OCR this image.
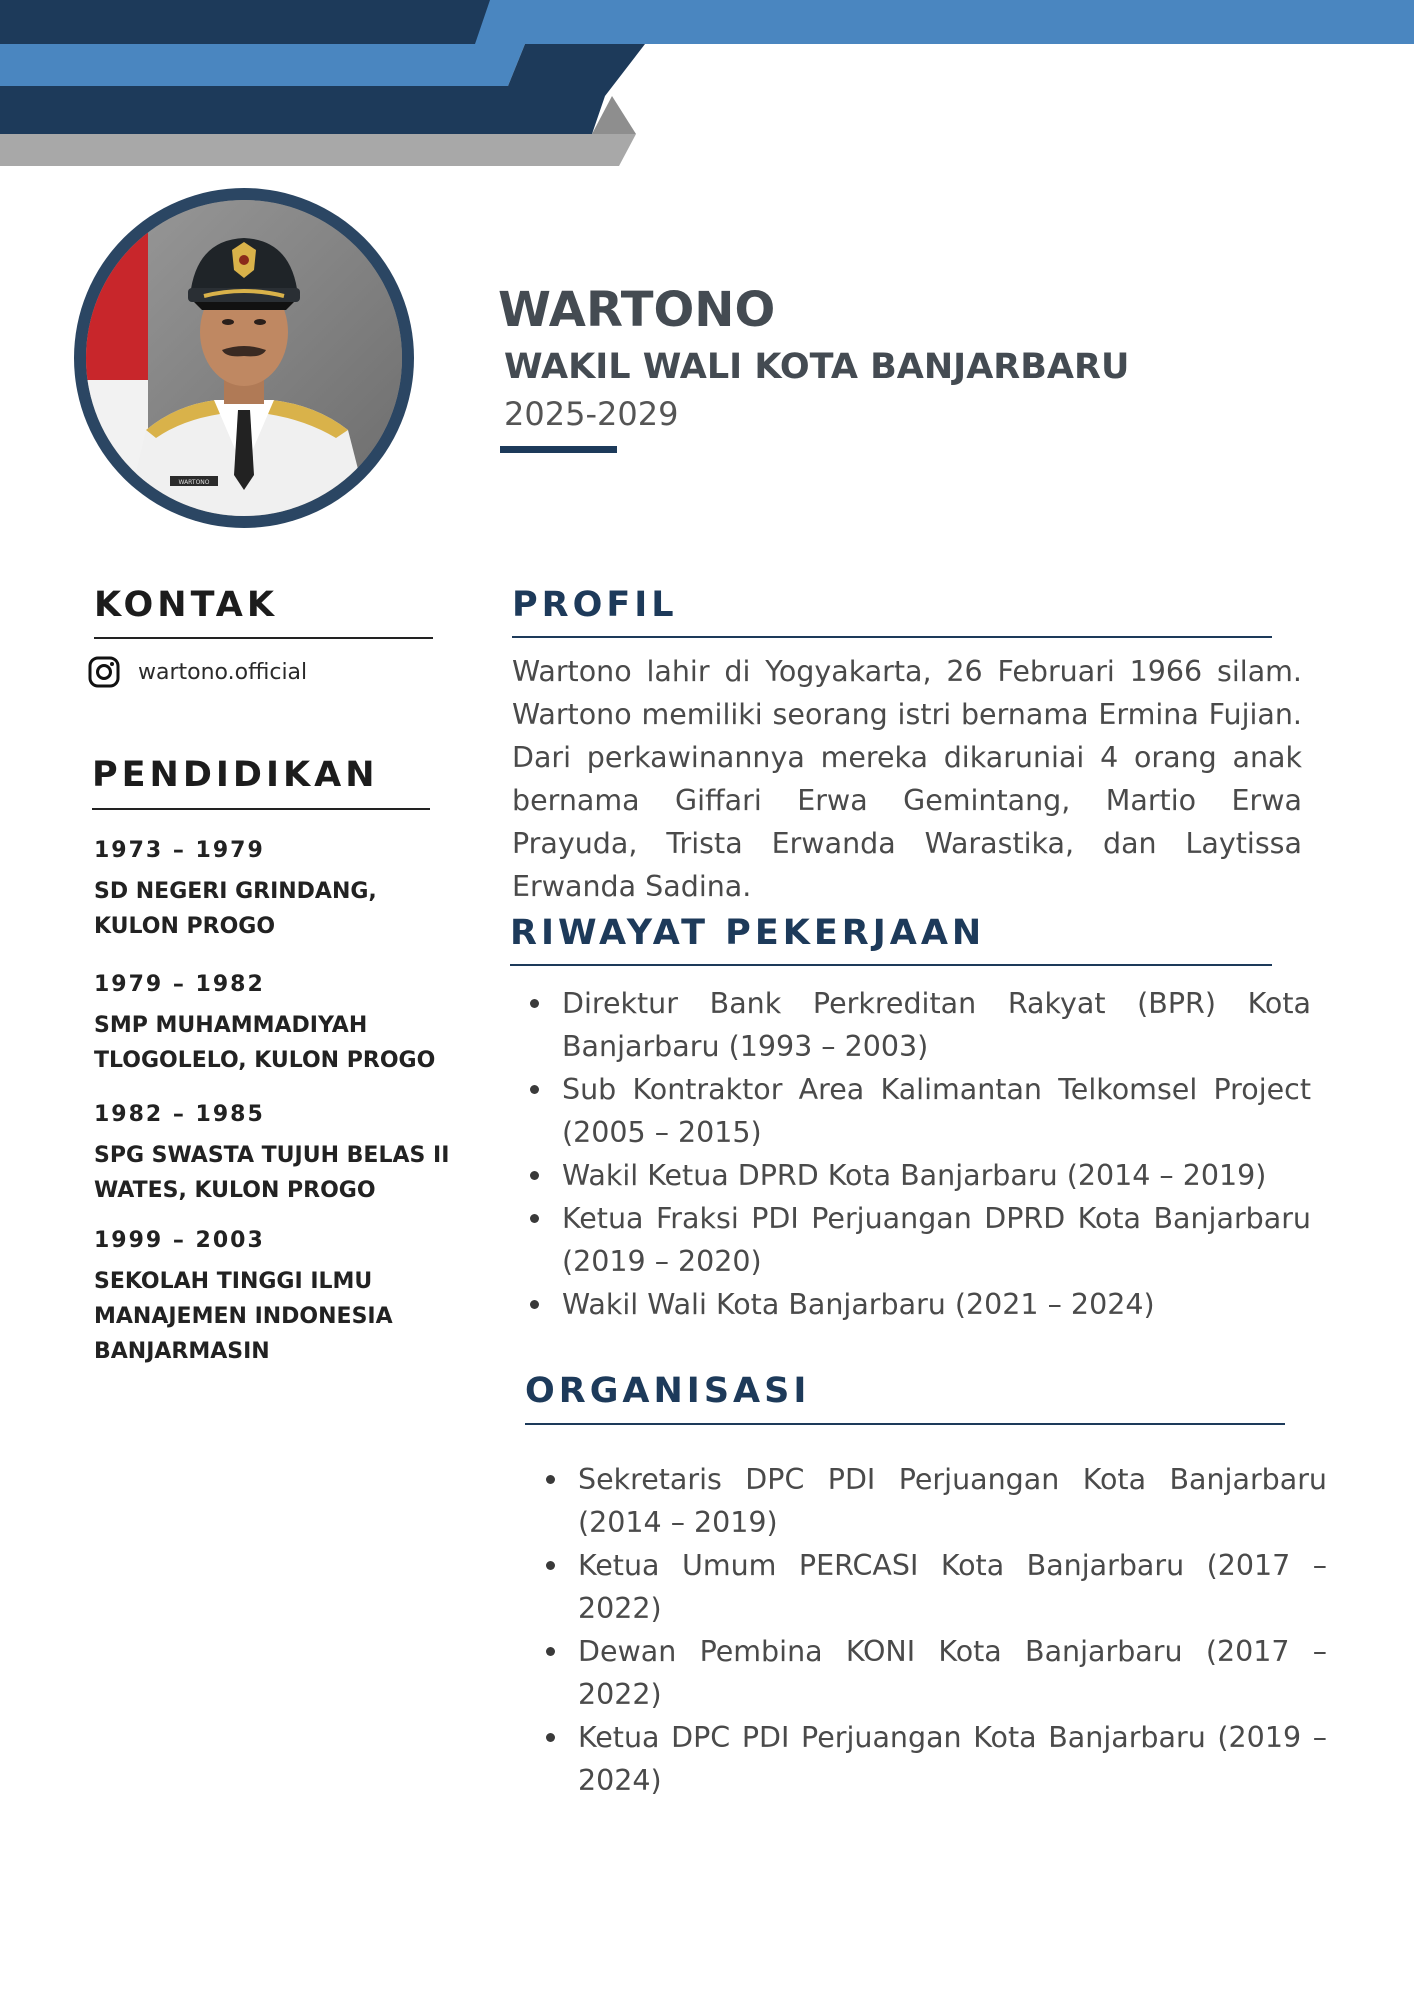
WARTONO
WARTONO
WAKIL WALI KOTA BANJARBARU
2025-2029
KONTAK
wartono.official
PENDIDIKAN
1973 – 1979
SD NEGERI GRINDANG,
KULON PROGO
1979 – 1982
SMP MUHAMMADIYAH
TLOGOLELO, KULON PROGO
1982 – 1985
SPG SWASTA TUJUH BELAS II
WATES, KULON PROGO
1999 – 2003
SEKOLAH TINGGI ILMU
MANAJEMEN INDONESIA
BANJARMASIN
PROFIL

Wartono lahir di Yogyakarta, 26 Februari 1966 silam. Wartono memiliki seorang istri bernama Ermina Fujian. Dari perkawinannya mereka dikaruniai 4 orang anak bernama Giffari Erwa Gemintang, Martio Erwa Prayuda, Trista Erwanda Warastika, dan Laytissa Erwanda Sadina.

RIWAYAT PEKERJAAN
Direktur Bank Perkreditan Rakyat (BPR) Kota Banjarbaru (1993 – 2003)
Sub Kontraktor Area Kalimantan Telkomsel Project (2005 – 2015)
Wakil Ketua DPRD Kota Banjarbaru (2014 – 2019)
Ketua Fraksi PDI Perjuangan DPRD Kota Banjarbaru (2019 – 2020)
Wakil Wali Kota Banjarbaru (2021 – 2024)
ORGANISASI
Sekretaris DPC PDI Perjuangan Kota Banjarbaru (2014 – 2019)
Ketua Umum PERCASI Kota Banjarbaru (2017 – 2022)
Dewan Pembina KONI Kota Banjarbaru (2017 – 2022)
Ketua DPC PDI Perjuangan Kota Banjarbaru (2019 – 2024)
